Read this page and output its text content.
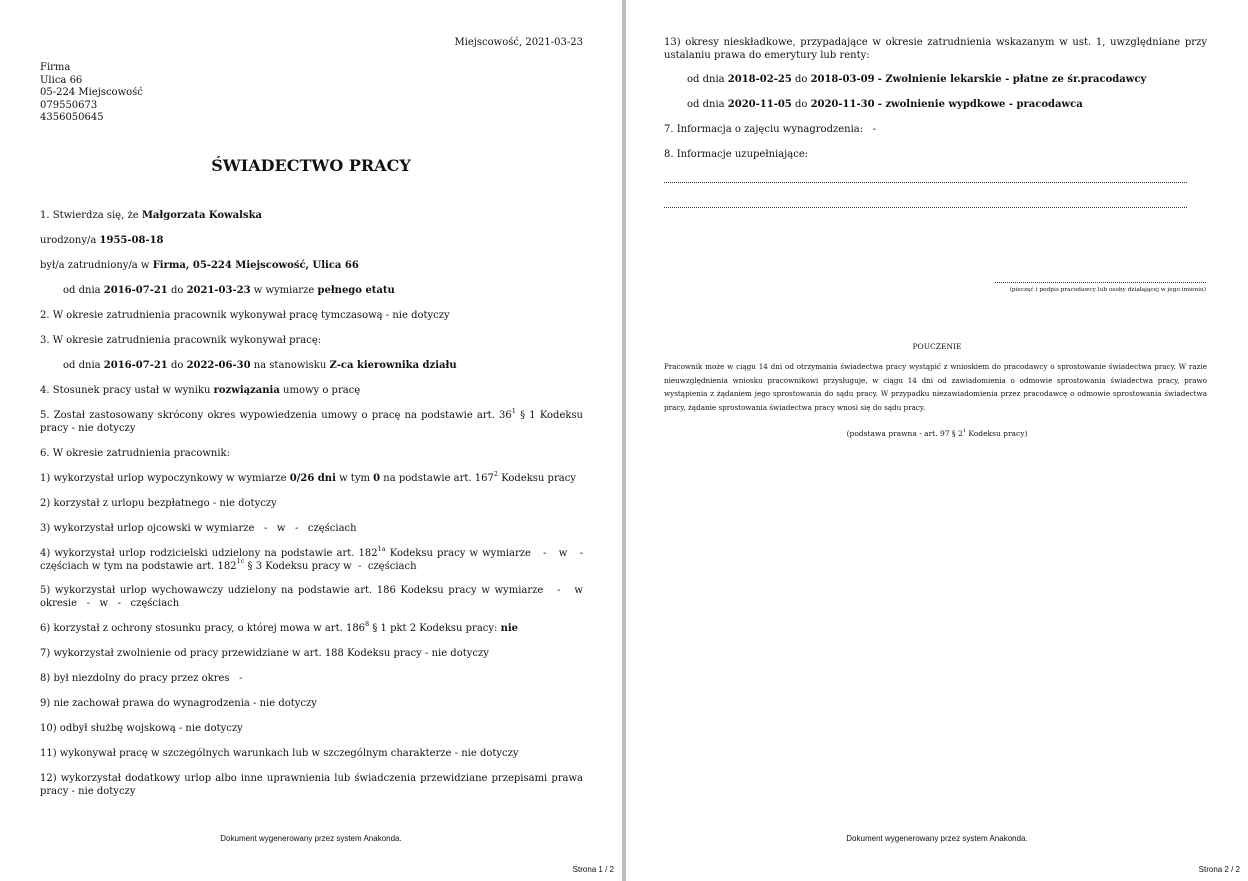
Miejscowość, 2021-03-23
Firma
Ulica 66
05-224 Miejscowość
079550673
4356050645
ŚWIADECTWO PRACY
1. Stwierdza się, że Małgorzata Kowalska
urodzony/a 1955-08-18
był/a zatrudniony/a w Firma, 05-224 Miejscowość, Ulica 66
od dnia 2016-07-21 do 2021-03-23 w wymiarze pełnego etatu
2. W okresie zatrudnienia pracownik wykonywał pracę tymczasową - nie dotyczy
3. W okresie zatrudnienia pracownik wykonywał pracę:
od dnia 2016-07-21 do 2022-06-30 na stanowisku Z-ca kierownika działu
4. Stosunek pracy ustał w wyniku rozwiązania umowy o pracę
5. Został zastosowany skrócony okres wypowiedzenia umowy o pracę na podstawie art. $36^1$ § 1 Kodeksu pracy - nie dotyczy
6. W okresie zatrudnienia pracownik:
1) wykorzystał urlop wypoczynkowy w wymiarze 0/26 dni w tym 0 na podstawie art. $167^2$ Kodeksu pracy
2) korzystał z urlopu bezpłatnego - nie dotyczy
3) wykorzystał urlop ojcowski w wymiarze   -   w   -   częściach
4) wykorzystał urlop rodzicielski udzielony na podstawie art. $182^{1a}$ Kodeksu pracy w wymiarze   -   w   - częściach w tym na podstawie art. $182^{1c}$ § 3 Kodeksu pracy w  -  częściach
5) wykorzystał urlop wychowawczy udzielony na podstawie art. 186 Kodeksu pracy w wymiarze   -   w okresie   -   w   -   częściach
6) korzystał z ochrony stosunku pracy, o której mowa w art. $186^8$ § 1 pkt 2 Kodeksu pracy: nie
7) wykorzystał zwolnienie od pracy przewidziane w art. 188 Kodeksu pracy - nie dotyczy
8) był niezdolny do pracy przez okres   -
9) nie zachował prawa do wynagrodzenia - nie dotyczy
10) odbył służbę wojskową - nie dotyczy
11) wykonywał pracę w szczególnych warunkach lub w szczególnym charakterze - nie dotyczy
12) wykorzystał dodatkowy urlop albo inne uprawnienia lub świadczenia przewidziane przepisami prawa pracy - nie dotyczy
Dokument wygenerowany przez system Anakonda.
Strona 1 / 2
13) okresy nieskładkowe, przypadające w okresie zatrudnienia wskazanym w ust. 1, uwzględniane przy ustalaniu prawa do emerytury lub renty:
od dnia 2018-02-25 do 2018-03-09 - Zwolnienie lekarskie - płatne ze śr.pracodawcy
od dnia 2020-11-05 do 2020-11-30 - zwolnienie wypdkowe - pracodawca
7. Informacja o zajęciu wynagrodzenia:   -
8. Informacje uzupełniające:
(pieczęć i podpis pracodawcy lub osoby działającej w jego imieniu)
POUCZENIE
Pracownik może w ciągu 14 dni od otrzymania świadectwa pracy wystąpić z wnioskiem do pracodawcy o sprostowanie świadectwa pracy. W razie nieuwzględnienia wniosku pracownikowi przysługuje, w ciągu 14 dni od zawiadomienia o odmowie sprostowania świadectwa pracy, prawo wystąpienia z żądaniem jego sprostowania do sądu pracy. W przypadku niezawiadomienia przez pracodawcę o odmowie sprostowania świadectwa pracy, żądanie sprostowania świadectwa pracy wnosi się do sądu pracy.
(podstawa prawna - art. 97 § $2^1$ Kodeksu pracy)
Dokument wygenerowany przez system Anakonda.
Strona 2 / 2
